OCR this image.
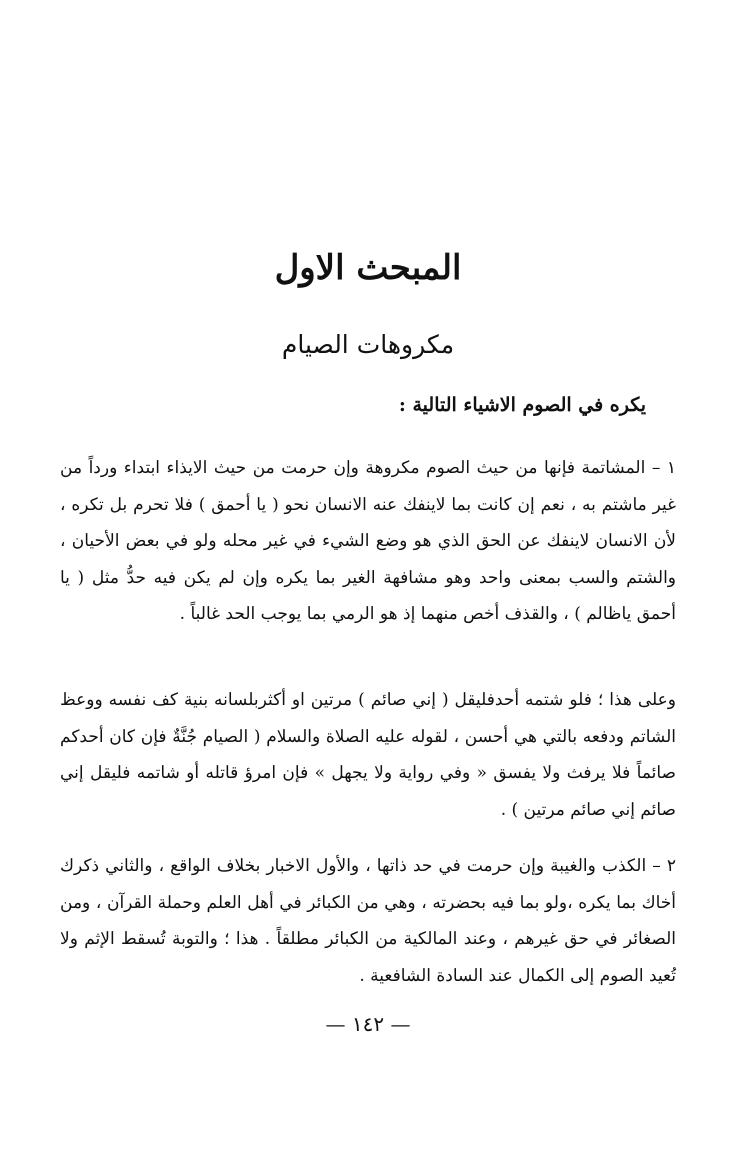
المبحث الاول
مكروهات الصيام
يكره في الصوم الاشياء التالية :
١ – المشاتمة فإنها من حيث الصوم مكروهة وإن حرمت من حيث الايذاء ابتداء ورداً من غير ماشتم به ، نعم إن كانت بما لاينفك عنه الانسان نحو ( يا أحمق ) فلا تحرم بل تكره ، لأن الانسان لاينفك عن الحق الذي هو وضع الشيء في غير محله ولو في بعض الأحيان ، والشتم والسب بمعنى واحد وهو مشافهة الغير بما يكره وإن لم يكن فيه حدُّ مثل ( يا أحمق ياظالم ) ، والقذف أخص منهما إذ هو الرمي بما يوجب الحد غالباً .
وعلى هذا ؛ فلو شتمه أحدفليقل ( إني صائم ) مرتين او أكثربلسانه بنية كف نفسه ووعظ الشاتم ودفعه بالتي هي أحسن ، لقوله عليه الصلاة والسلام ( الصيام جُنَّةٌ فإن كان أحدكم صائماً فلا يرفث ولا يفسق « وفي رواية ولا يجهل » فإن امرؤ قاتله أو شاتمه فليقل إني صائم إني صائم مرتين ) .
٢ – الكذب والغيبة وإن حرمت في حد ذاتها ، والأول الاخبار بخلاف الواقع ، والثاني ذكرك أخاك بما يكره ،ولو بما فيه بحضرته ، وهي من الكبائر في أهل العلم وحملة القرآن ، ومن الصغائر في حق غيرهم ، وعند المالكية من الكبائر مطلقاً . هذا ؛ والتوبة تُسقط الإثم ولا تُعيد الصوم إلى الكمال عند السادة الشافعية .
— ١٤٢ —
